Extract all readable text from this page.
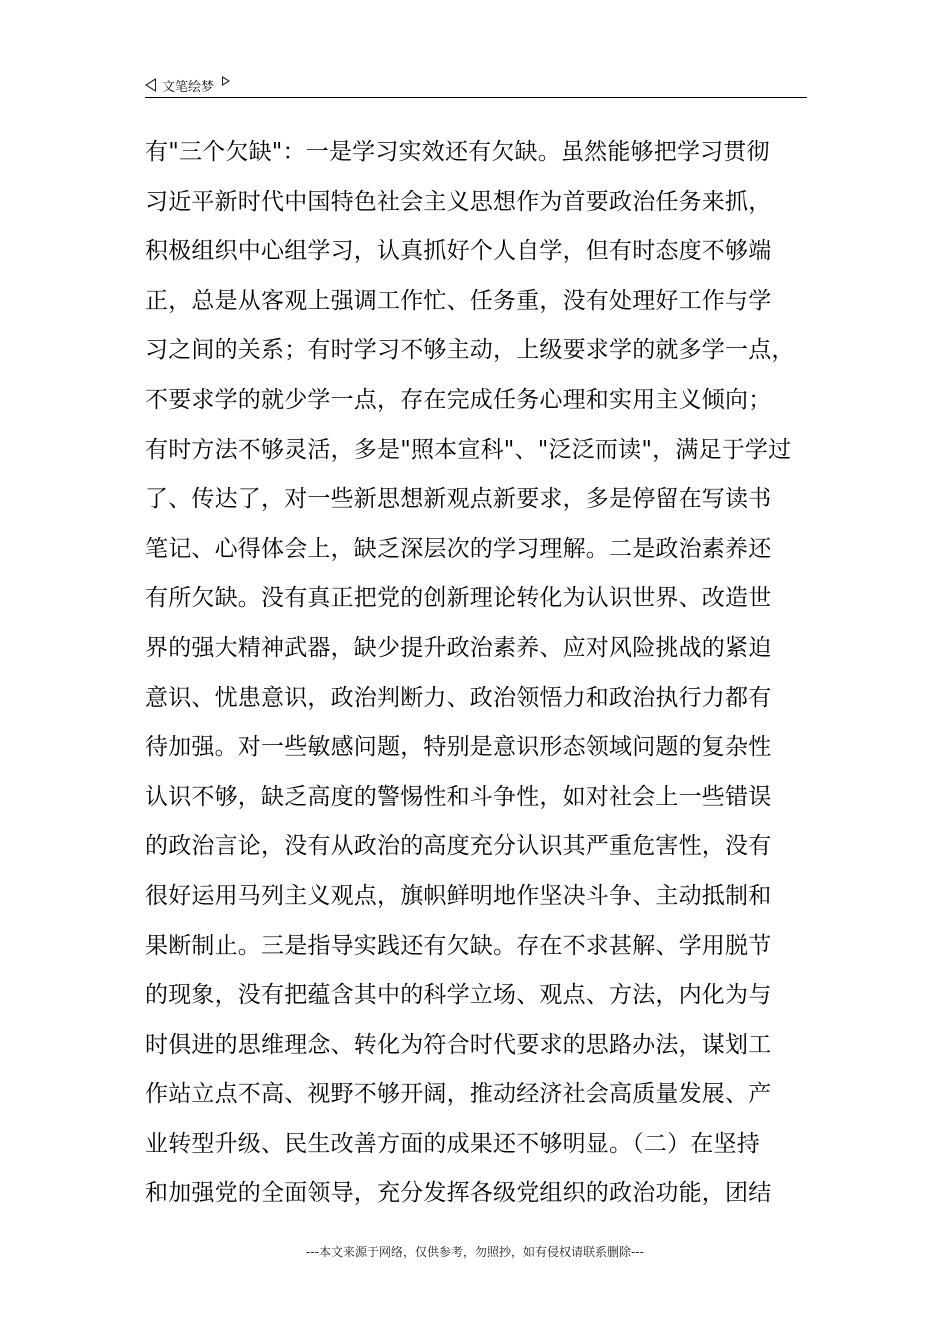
文笔绘梦
有"三个欠缺"：一是学习实效还有欠缺。虽然能够把学习贯彻
习近平新时代中国特色社会主义思想作为首要政治任务来抓，
积极组织中心组学习，认真抓好个人自学，但有时态度不够端
正，总是从客观上强调工作忙、任务重，没有处理好工作与学
习之间的关系；有时学习不够主动，上级要求学的就多学一点，
不要求学的就少学一点，存在完成任务心理和实用主义倾向；
有时方法不够灵活，多是"照本宣科"、"泛泛而读"，满足于学过
了、传达了，对一些新思想新观点新要求，多是停留在写读书
笔记、心得体会上，缺乏深层次的学习理解。二是政治素养还
有所欠缺。没有真正把党的创新理论转化为认识世界、改造世
界的强大精神武器，缺少提升政治素养、应对风险挑战的紧迫
意识、忧患意识，政治判断力、政治领悟力和政治执行力都有
待加强。对一些敏感问题，特别是意识形态领域问题的复杂性
认识不够，缺乏高度的警惕性和斗争性，如对社会上一些错误
的政治言论，没有从政治的高度充分认识其严重危害性，没有
很好运用马列主义观点，旗帜鲜明地作坚决斗争、主动抵制和
果断制止。三是指导实践还有欠缺。存在不求甚解、学用脱节
的现象，没有把蕴含其中的科学立场、观点、方法，内化为与
时俱进的思维理念、转化为符合时代要求的思路办法，谋划工
作站立点不高、视野不够开阔，推动经济社会高质量发展、产
业转型升级、民生改善方面的成果还不够明显。（二）在坚持
和加强党的全面领导，充分发挥各级党组织的政治功能，团结
---本文来源于网络，仅供参考，勿照抄，如有侵权请联系删除---
